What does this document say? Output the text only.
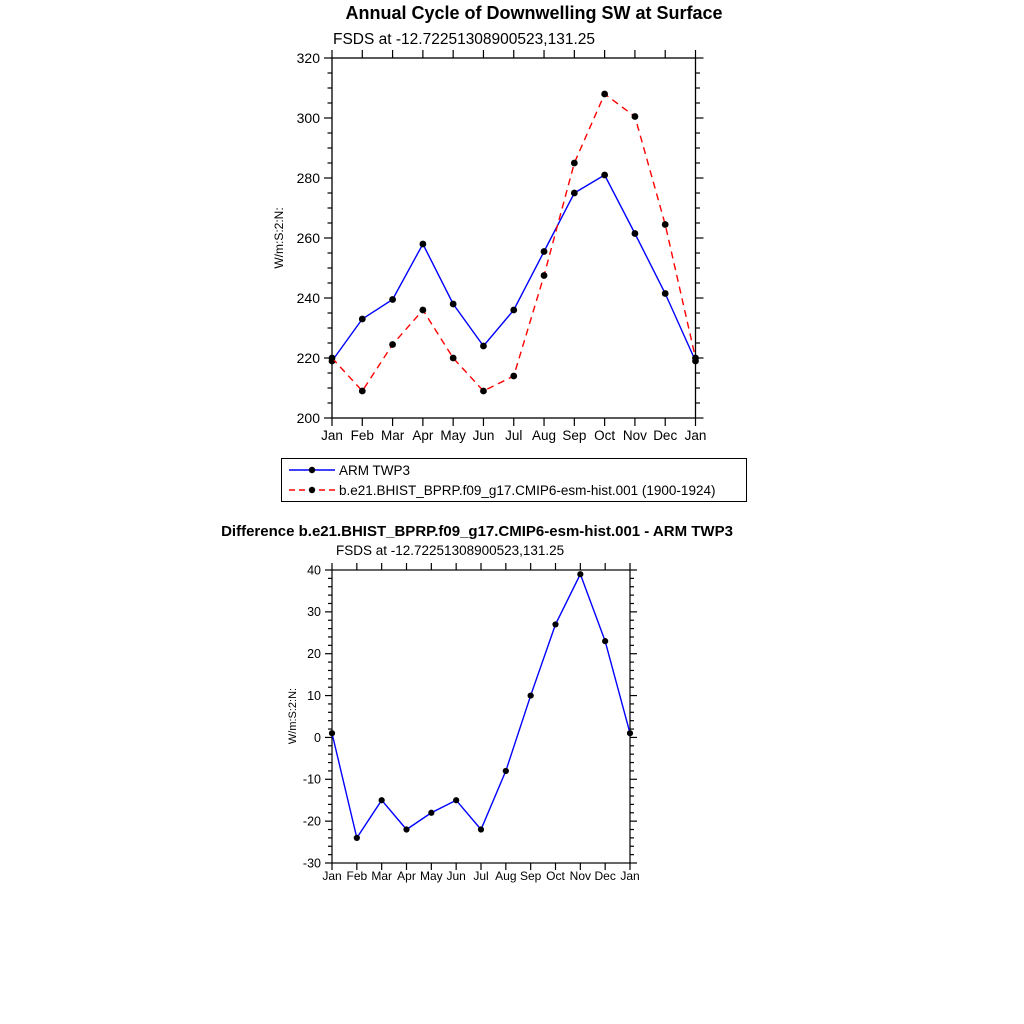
Annual Cycle of Downwelling SW at Surface
FSDS at -12.72251308900523,131.25
W/m:S:2:N:
200
220
240
260
280
300
320
Jan Feb Mar Apr May Jun Jul Aug Sep Oct Nov Dec Jan
ARM TWP3
b.e21.BHIST_BPRP.f09_g17.CMIP6-esm-hist.001 (1900-1924)
Difference b.e21.BHIST_BPRP.f09_g17.CMIP6-esm-hist.001 - ARM TWP3
FSDS at -12.72251308900523,131.25
W/m:S:2:N:
-30
-20
-10
0
10
20
30
40
Jan Feb Mar Apr May Jun Jul Aug Sep Oct Nov Dec Jan
